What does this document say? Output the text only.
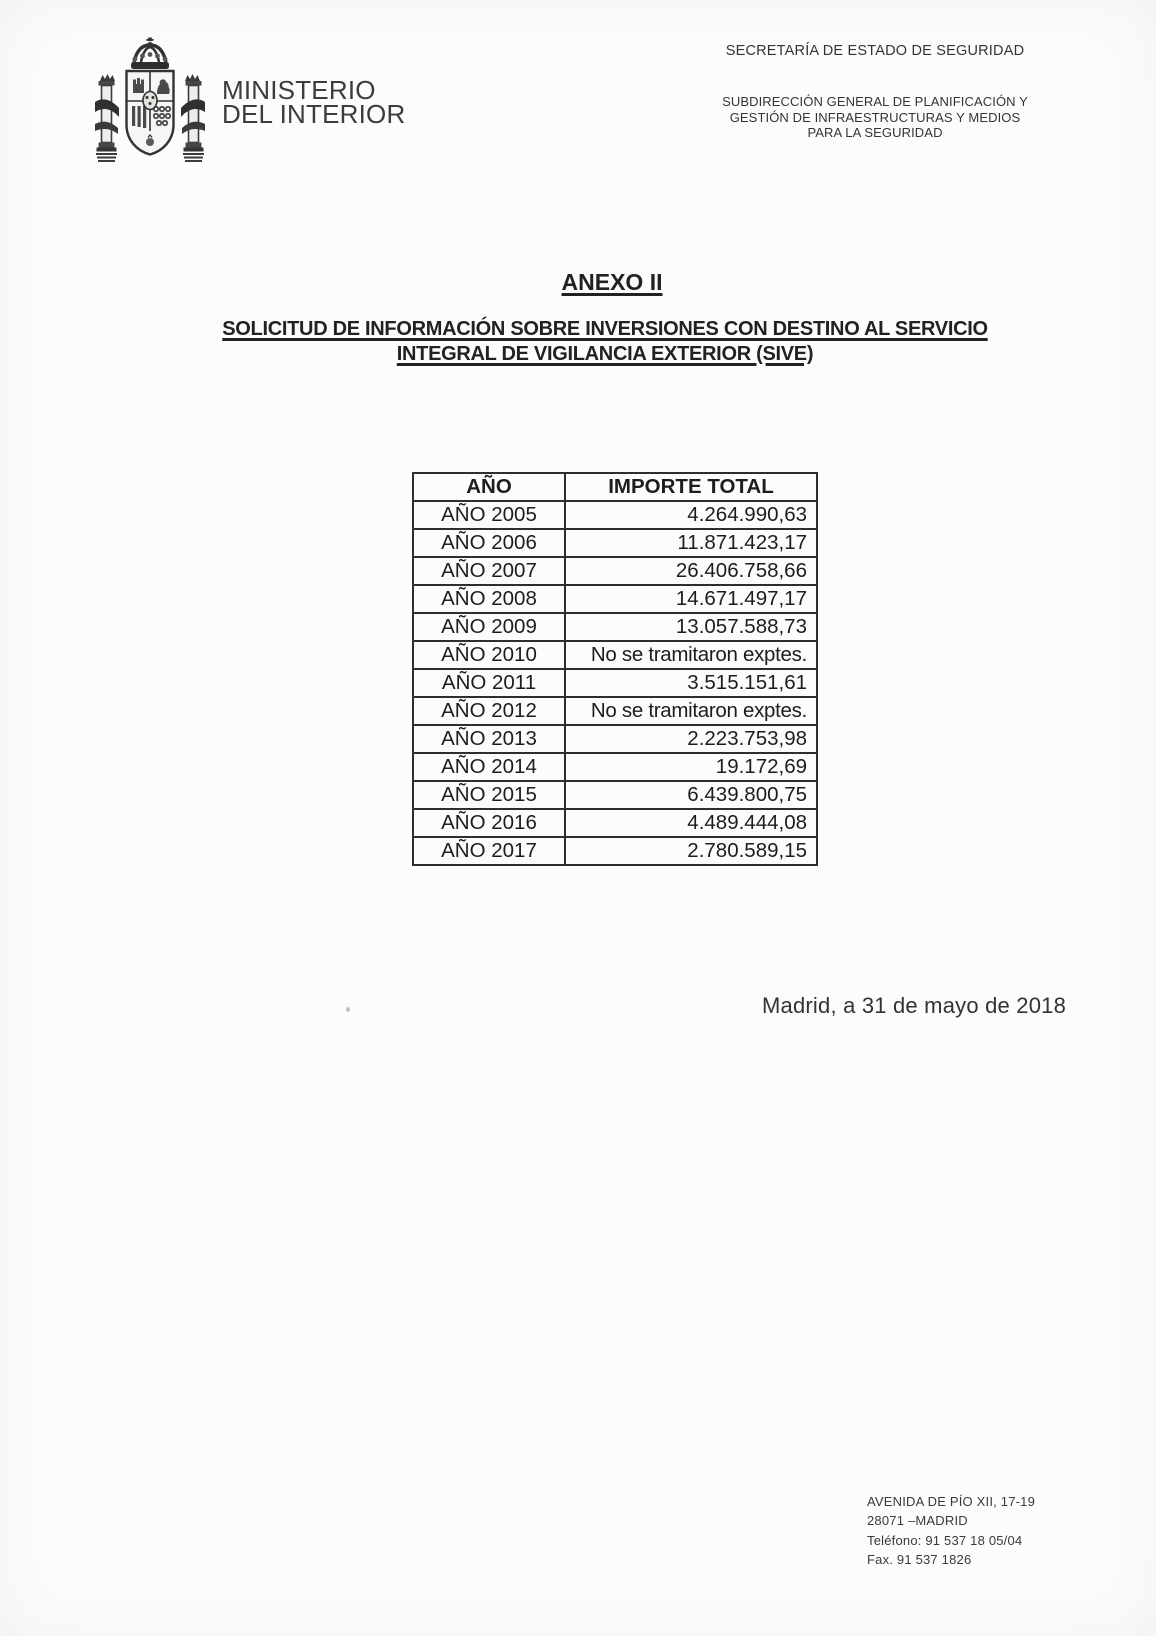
MINISTERIO
DEL INTERIOR
SECRETARÍA DE ESTADO DE SEGURIDAD
SUBDIRECCIÓN GENERAL DE PLANIFICACIÓN Y
GESTIÓN DE INFRAESTRUCTURAS Y MEDIOS
PARA LA SEGURIDAD
ANEXO II
SOLICITUD DE INFORMACIÓN SOBRE INVERSIONES CON DESTINO AL SERVICIO
INTEGRAL DE VIGILANCIA EXTERIOR (SIVE)
AÑO	IMPORTE TOTAL
AÑO 2005	4.264.990,63
AÑO 2006	11.871.423,17
AÑO 2007	26.406.758,66
AÑO 2008	14.671.497,17
AÑO 2009	13.057.588,73
AÑO 2010	No se tramitaron exptes.
AÑO 2011	3.515.151,61
AÑO 2012	No se tramitaron exptes.
AÑO 2013	2.223.753,98
AÑO 2014	19.172,69
AÑO 2015	6.439.800,75
AÑO 2016	4.489.444,08
AÑO 2017	2.780.589,15
Madrid, a 31 de mayo de 2018
AVENIDA DE PÍO XII, 17-19
28071 –MADRID
Teléfono: 91 537 18 05/04
Fax. 91 537 1826
